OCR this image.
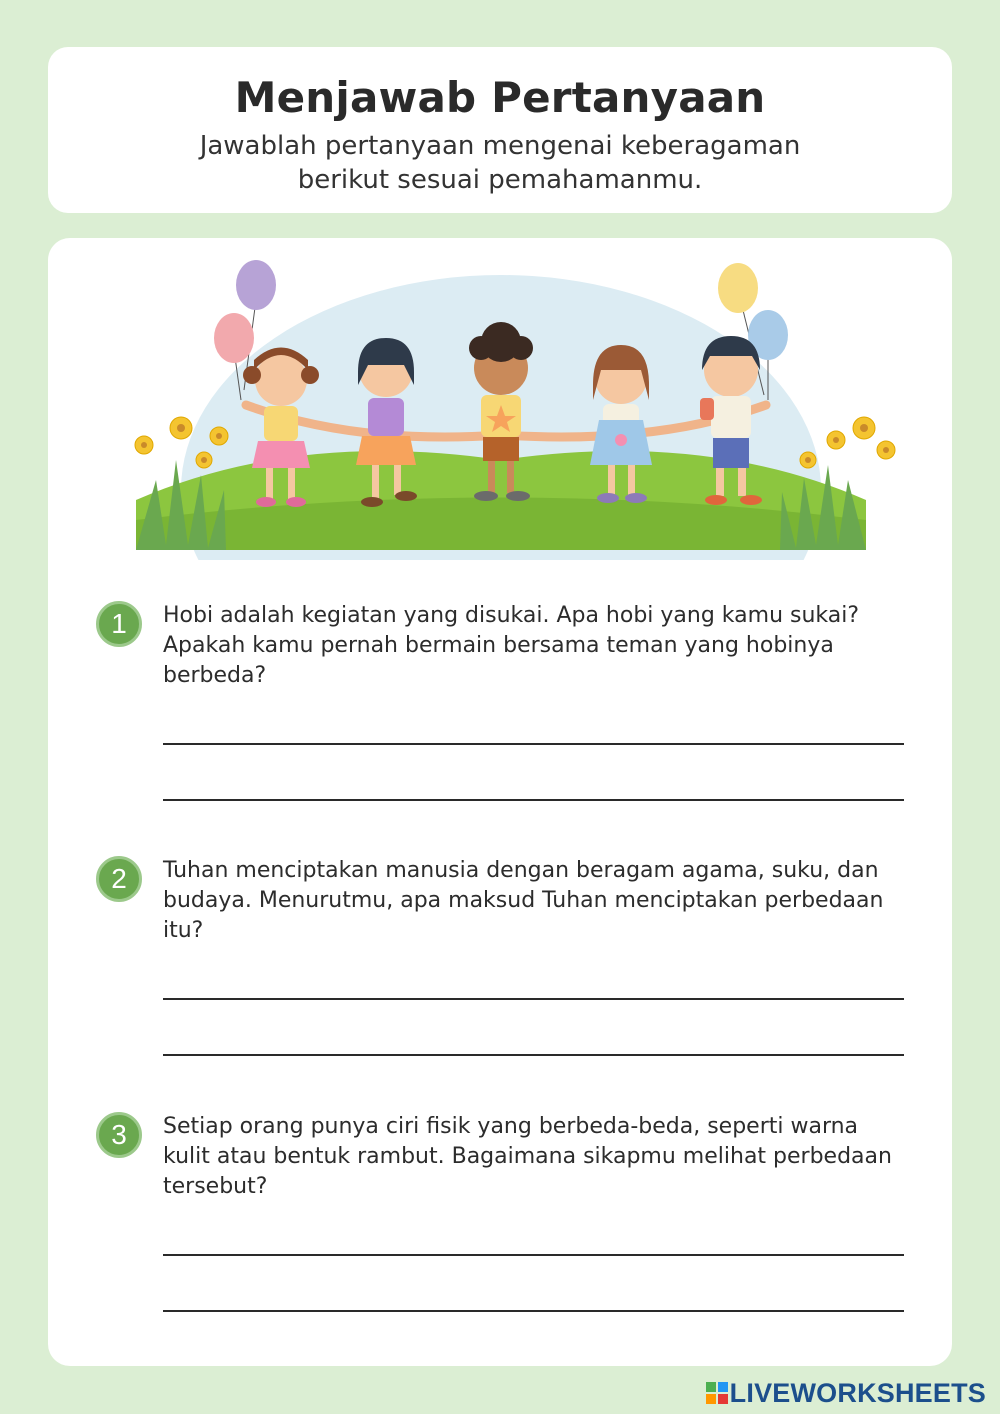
Menjawab Pertanyaan
Jawablah pertanyaan mengenai keberagaman berikut sesuai pemahamanmu.
1	Hobi adalah kegiatan yang disukai. Apa hobi yang kamu sukai? Apakah kamu pernah bermain bersama teman yang hobinya berbeda?
2	Tuhan menciptakan manusia dengan beragam agama, suku, dan budaya. Menurutmu, apa maksud Tuhan menciptakan perbedaan itu?
3	Setiap orang punya ciri fisik yang berbeda-beda, seperti warna kulit atau bentuk rambut. Bagaimana sikapmu melihat perbedaan tersebut?
LIVEWORKSHEETS
